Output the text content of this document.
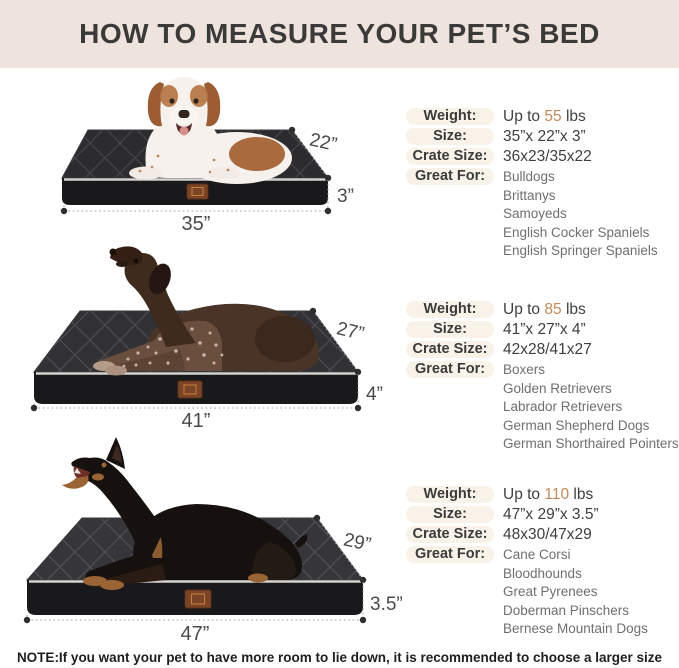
HOW TO MEASURE YOUR PET’S BED
22”
3”
35”
Weight:	Up to 55 lbs
Size:	35”x 22”x 3”
Crate Size:	36x23/35x22
Great For:	Bulldogs
Brittanys
Samoyeds
English Cocker Spaniels
English Springer Spaniels
27”
4”
41”
Weight:	Up to 85 lbs
Size:	41”x 27”x 4”
Crate Size:	42x28/41x27
Great For:	Boxers
Golden Retrievers
Labrador Retrievers
German Shepherd Dogs
German Shorthaired Pointers
29”
3.5”
47”
Weight:	Up to 110 lbs
Size:	47”x 29”x 3.5”
Crate Size:	48x30/47x29
Great For:	Cane Corsi
Bloodhounds
Great Pyrenees
Doberman Pinschers
Bernese Mountain Dogs
NOTE:If you want your pet to have more room to lie down, it is recommended to choose a larger size
